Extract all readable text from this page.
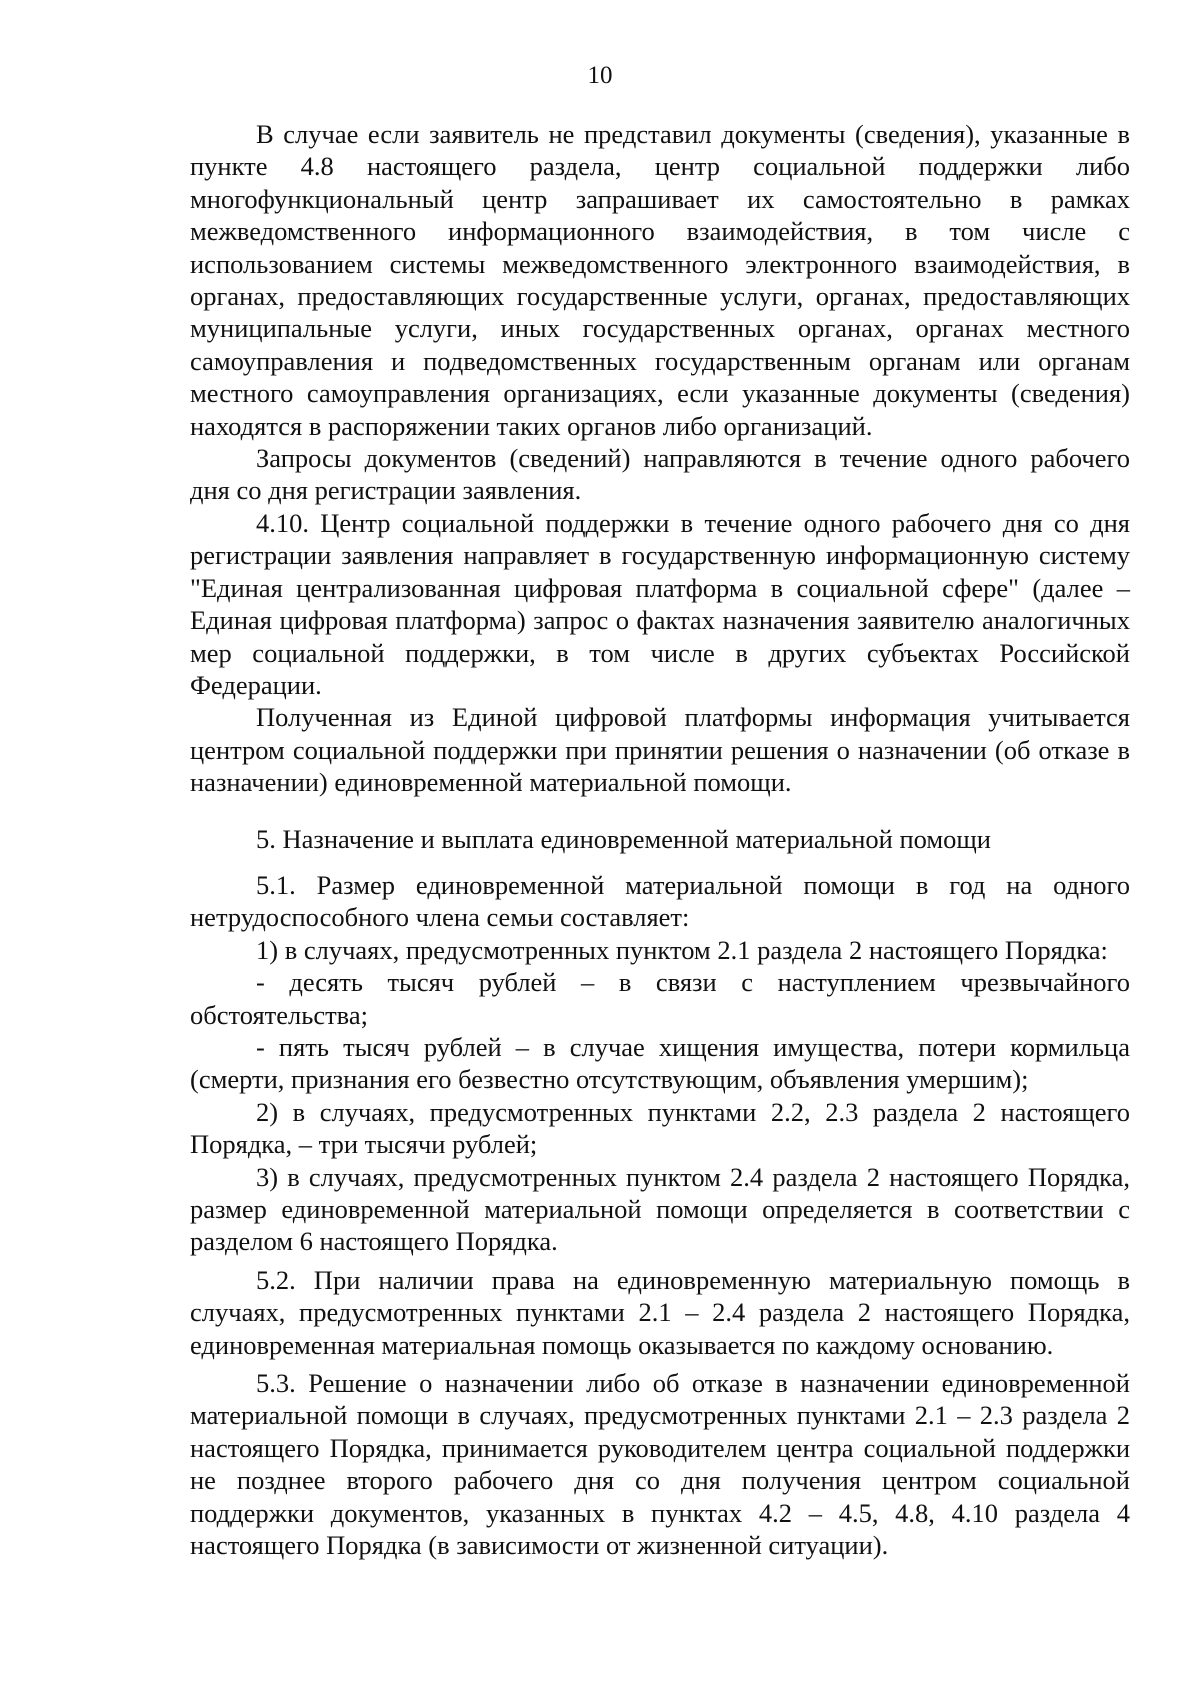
10

В случае если заявитель не представил документы (сведения), указанные в пункте 4.8 настоящего раздела, центр социальной поддержки либо многофункциональный центр запрашивает их самостоятельно в рамках межведомственного информационного взаимодействия, в том числе с использованием системы межведомственного электронного взаимодействия, в органах, предоставляющих государственные услуги, органах, предоставляющих муниципальные услуги, иных государственных органах, органах местного самоуправления и подведомственных государственным органам или органам местного самоуправления организациях, если указанные документы (сведения) находятся в распоряжении таких органов либо организаций.

Запросы документов (сведений) направляются в течение одного рабочего дня со дня регистрации заявления.

4.10. Центр социальной поддержки в течение одного рабочего дня со дня регистрации заявления направляет в государственную информационную систему "Единая централизованная цифровая платформа в социальной сфере" (далее – Единая цифровая платформа) запрос о фактах назначения заявителю аналогичных мер социальной поддержки, в том числе в других субъектах Российской Федерации.

Полученная из Единой цифровой платформы информация учитывается центром социальной поддержки при принятии решения о назначении (об отказе в назначении) единовременной материальной помощи.

5. Назначение и выплата единовременной материальной помощи

5.1. Размер единовременной материальной помощи в год на одного нетрудоспособного члена семьи составляет:

1) в случаях, предусмотренных пунктом 2.1 раздела 2 настоящего Порядка:

- десять тысяч рублей – в связи с наступлением чрезвычайного обстоятельства;

- пять тысяч рублей – в случае хищения имущества, потери кормильца (смерти, признания его безвестно отсутствующим, объявления умершим);

2) в случаях, предусмотренных пунктами 2.2, 2.3 раздела 2 настоящего Порядка, – три тысячи рублей;

3) в случаях, предусмотренных пунктом 2.4 раздела 2 настоящего Порядка, размер единовременной материальной помощи определяется в соответствии с разделом 6 настоящего Порядка.

5.2. При наличии права на единовременную материальную помощь в случаях, предусмотренных пунктами 2.1 – 2.4 раздела 2 настоящего Порядка, единовременная материальная помощь оказывается по каждому основанию.

5.3. Решение о назначении либо об отказе в назначении единовременной материальной помощи в случаях, предусмотренных пунктами 2.1 – 2.3 раздела 2 настоящего Порядка, принимается руководителем центра социальной поддержки не позднее второго рабочего дня со дня получения центром социальной поддержки документов, указанных в пунктах 4.2 – 4.5, 4.8, 4.10 раздела 4 настоящего Порядка (в зависимости от жизненной ситуации).
